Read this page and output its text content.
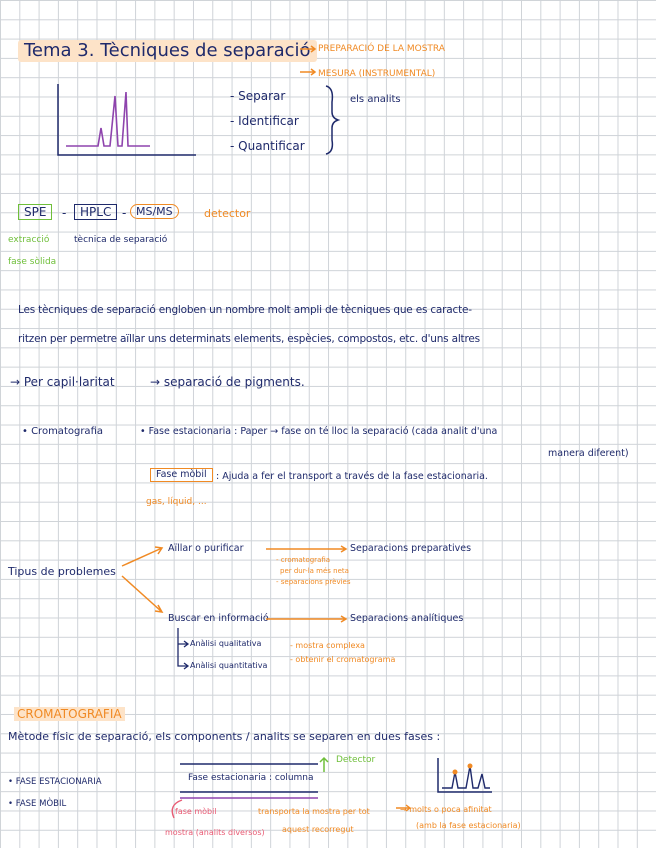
Tema 3. Tècniques de separació PREPARACIÓ DE LA MOSTRA
MESURA (INSTRUMENTAL)
- Separar
- Identificar
- Quantificar
els analits
SPE	-	HPLC - MS/MS	detector
extracció
fase sòlida
tècnica de separació
Les tècniques de separació engloben un nombre molt ampli de tècniques que es caracte-
ritzen per permetre aïllar uns determinats elements, espècies, compostos, etc. d'uns altres
→ Per capil·laritat	→ separació de pigments.
• Cromatografia	• Fase estacionaria : Paper → fase on té lloc la separació (cada analit d'una
manera diferent)
Fase mòbil : Ajuda a fer el transport a través de la fase estacionaria.
gas, líquid, ...
Tipus de problemes
Aïllar o purificar	Separacions preparatives
- cromatografia
per dur-la més neta
- separacions prèvies
Buscar en informació	Separacions analítiques
Anàlisi qualitativa
Anàlisi quantitativa
- mostra complexa
- obtenir el cromatograma
CROMATOGRAFIA
Mètode físic de separació, els components / analits se separen en dues fases :
• FASE ESTACIONARIA
• FASE MÒBIL
Detector
Fase estacionaria : columna
fase mòbil	transporta la mostra per tot
aquest recorregut
mostra (analits diversos)
→ molts o poca afinitat
(amb la fase estacionaria)
